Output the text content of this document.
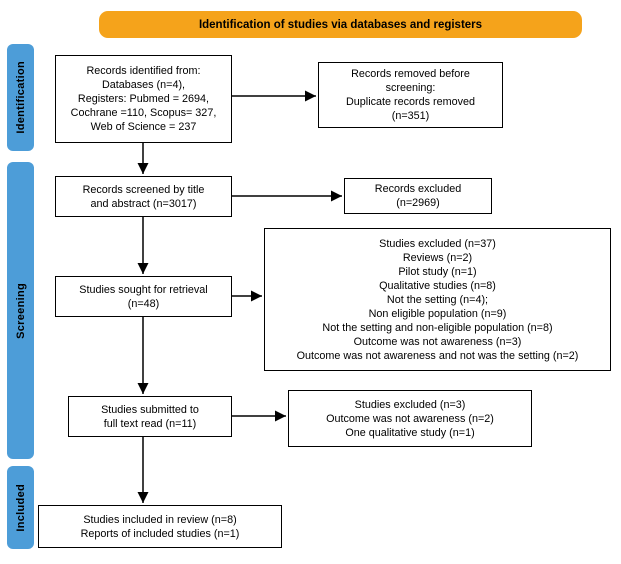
Identification of studies via databases and registers
Identification
Screening
Included
Records identified from:
Databases (n=4),
Registers: Pubmed = 2694,
Cochrane =110, Scopus= 327,
Web of Science = 237
Records removed before
screening:
Duplicate records removed
(n=351)
Records screened by title
and abstract (n=3017)
Records excluded
(n=2969)
Studies sought for retrieval
(n=48)
Studies excluded (n=37)
Reviews (n=2)
Pilot study (n=1)
Qualitative studies (n=8)
Not the setting (n=4);
Non eligible population (n=9)
Not the setting and non-eligible population (n=8)
Outcome was not awareness (n=3)
Outcome was not awareness and not was the setting (n=2)
Studies submitted to
full text read (n=11)
Studies excluded (n=3)
Outcome was not awareness (n=2)
One qualitative study (n=1)
Studies included in review (n=8)
Reports of included studies (n=1)
